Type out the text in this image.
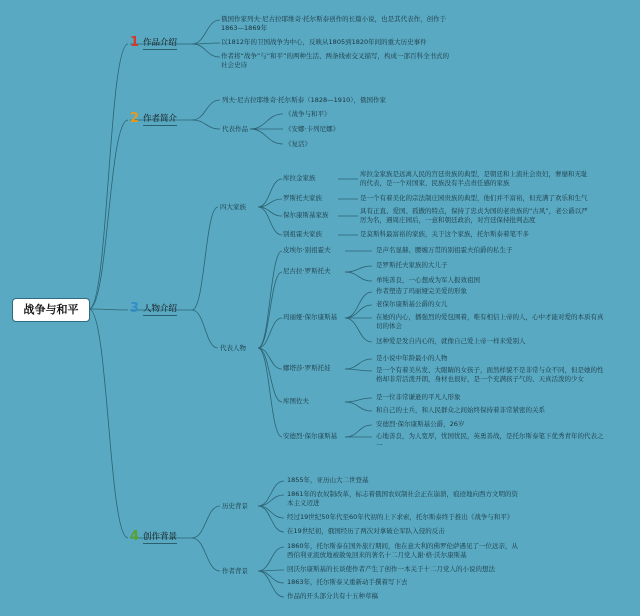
战争与和平
1 作品介绍
俄国作家列夫·尼古拉耶维奇·托尔斯泰创作的长篇小说，也是其代表作，创作于
1863—1869年
以1812年的卫国战争为中心，反映从1805到1820年间的重大历史事件
作者将“战争”与“和平”的两种生活、两条线索交叉描写，构成一部百科全书式的
社会史诗
2 作者简介
列夫·尼古拉耶维奇·托尔斯泰（1828—1910），俄国作家
代表作品
《战争与和平》
《安娜·卡列尼娜》
《复活》
3 人物介绍
四大家族
库拉金家族	库拉金家族是远离人民的宫廷贵族的典型，是朝廷和上流社会贵妇，奢靡和无耻
的代表，是一个对国家、民族没有半点责任感的家族
罗斯托夫家族	是一个有着美化的宗法制庄园贵族的典型，他们并不富裕，但充满了欢乐和生气
保尔康斯基家族	具有正直、爱国、孤傲的特点，保持了忠贞为国的老贵族的“古风”，老公爵以严
厉为名，遇周庄园后，一意和朝廷政治，对宫廷保持批判态度
别祖霍夫家族	是莫斯科最富裕的家族，关于这个家族，托尔斯泰着笔不多
代表人物
皮埃尔·别祖霍夫	是声名显赫、腰缠万贯的别祖霍夫伯爵的私生子
尼古拉·罗斯托夫
是罗斯托夫家族的大儿子
单纯善良，一心想成为军人报效祖国
玛丽娅·保尔康斯基
作者塑造了玛丽娅完美爱的形象
老保尔康斯基公爵的女儿
在她的内心，播强烈的爱包围着，唯有相信上帝的人，心中才能对爱的本质有真
切的体会
这种爱是发自内心的，就像自己爱上帝一样来爱别人
娜塔莎·罗斯托娃
是小说中年龄最小的人物
是一个有着美丛发、大眼睛的女孩子，面然样貌不是非常与众不同，但是她的性
格却非常活泼开朗，身材也很好，是一个充满孩子气的、天真活泼的少女
库图佐夫	是一位非常谦逊的平凡人形象
和自己的士兵，和人民群众之间始终保持着非常紧密的关系
安德烈·保尔康斯基
安德烈·保尔康斯基公爵，26岁
心地善良，为人宽厚，忧国忧民，英勇善战，是托尔斯泰笔下优秀青年的代表之
一
4 创作背景
历史背景
作者背景
1855年，亚历山大二世登基
1861年的农奴制改革，标志着俄国农奴制社会正在崩溃，痕迹地向西方文明的资
本主义迈进
经过19世纪50年代至60年代初的上下求索，托尔斯泰终于推出《战争与和平》
在19世纪初，俄国经历了两次对拿破仑军队入侵的反击
1860年，托尔斯泰在国外旅行期间，他在意大利的佛罗伦萨遇见了一位远亲，从
西伯利亚流放地被赦免回来的著名十二月党人谢·格·沃尔康斯基
回沃尔康斯基的长谈使作者产生了创作一本关于十二月党人的小说的想法
1863年，托尔斯泰又重新动手撰着写下去
作品的开头部分共有十五种草稿
